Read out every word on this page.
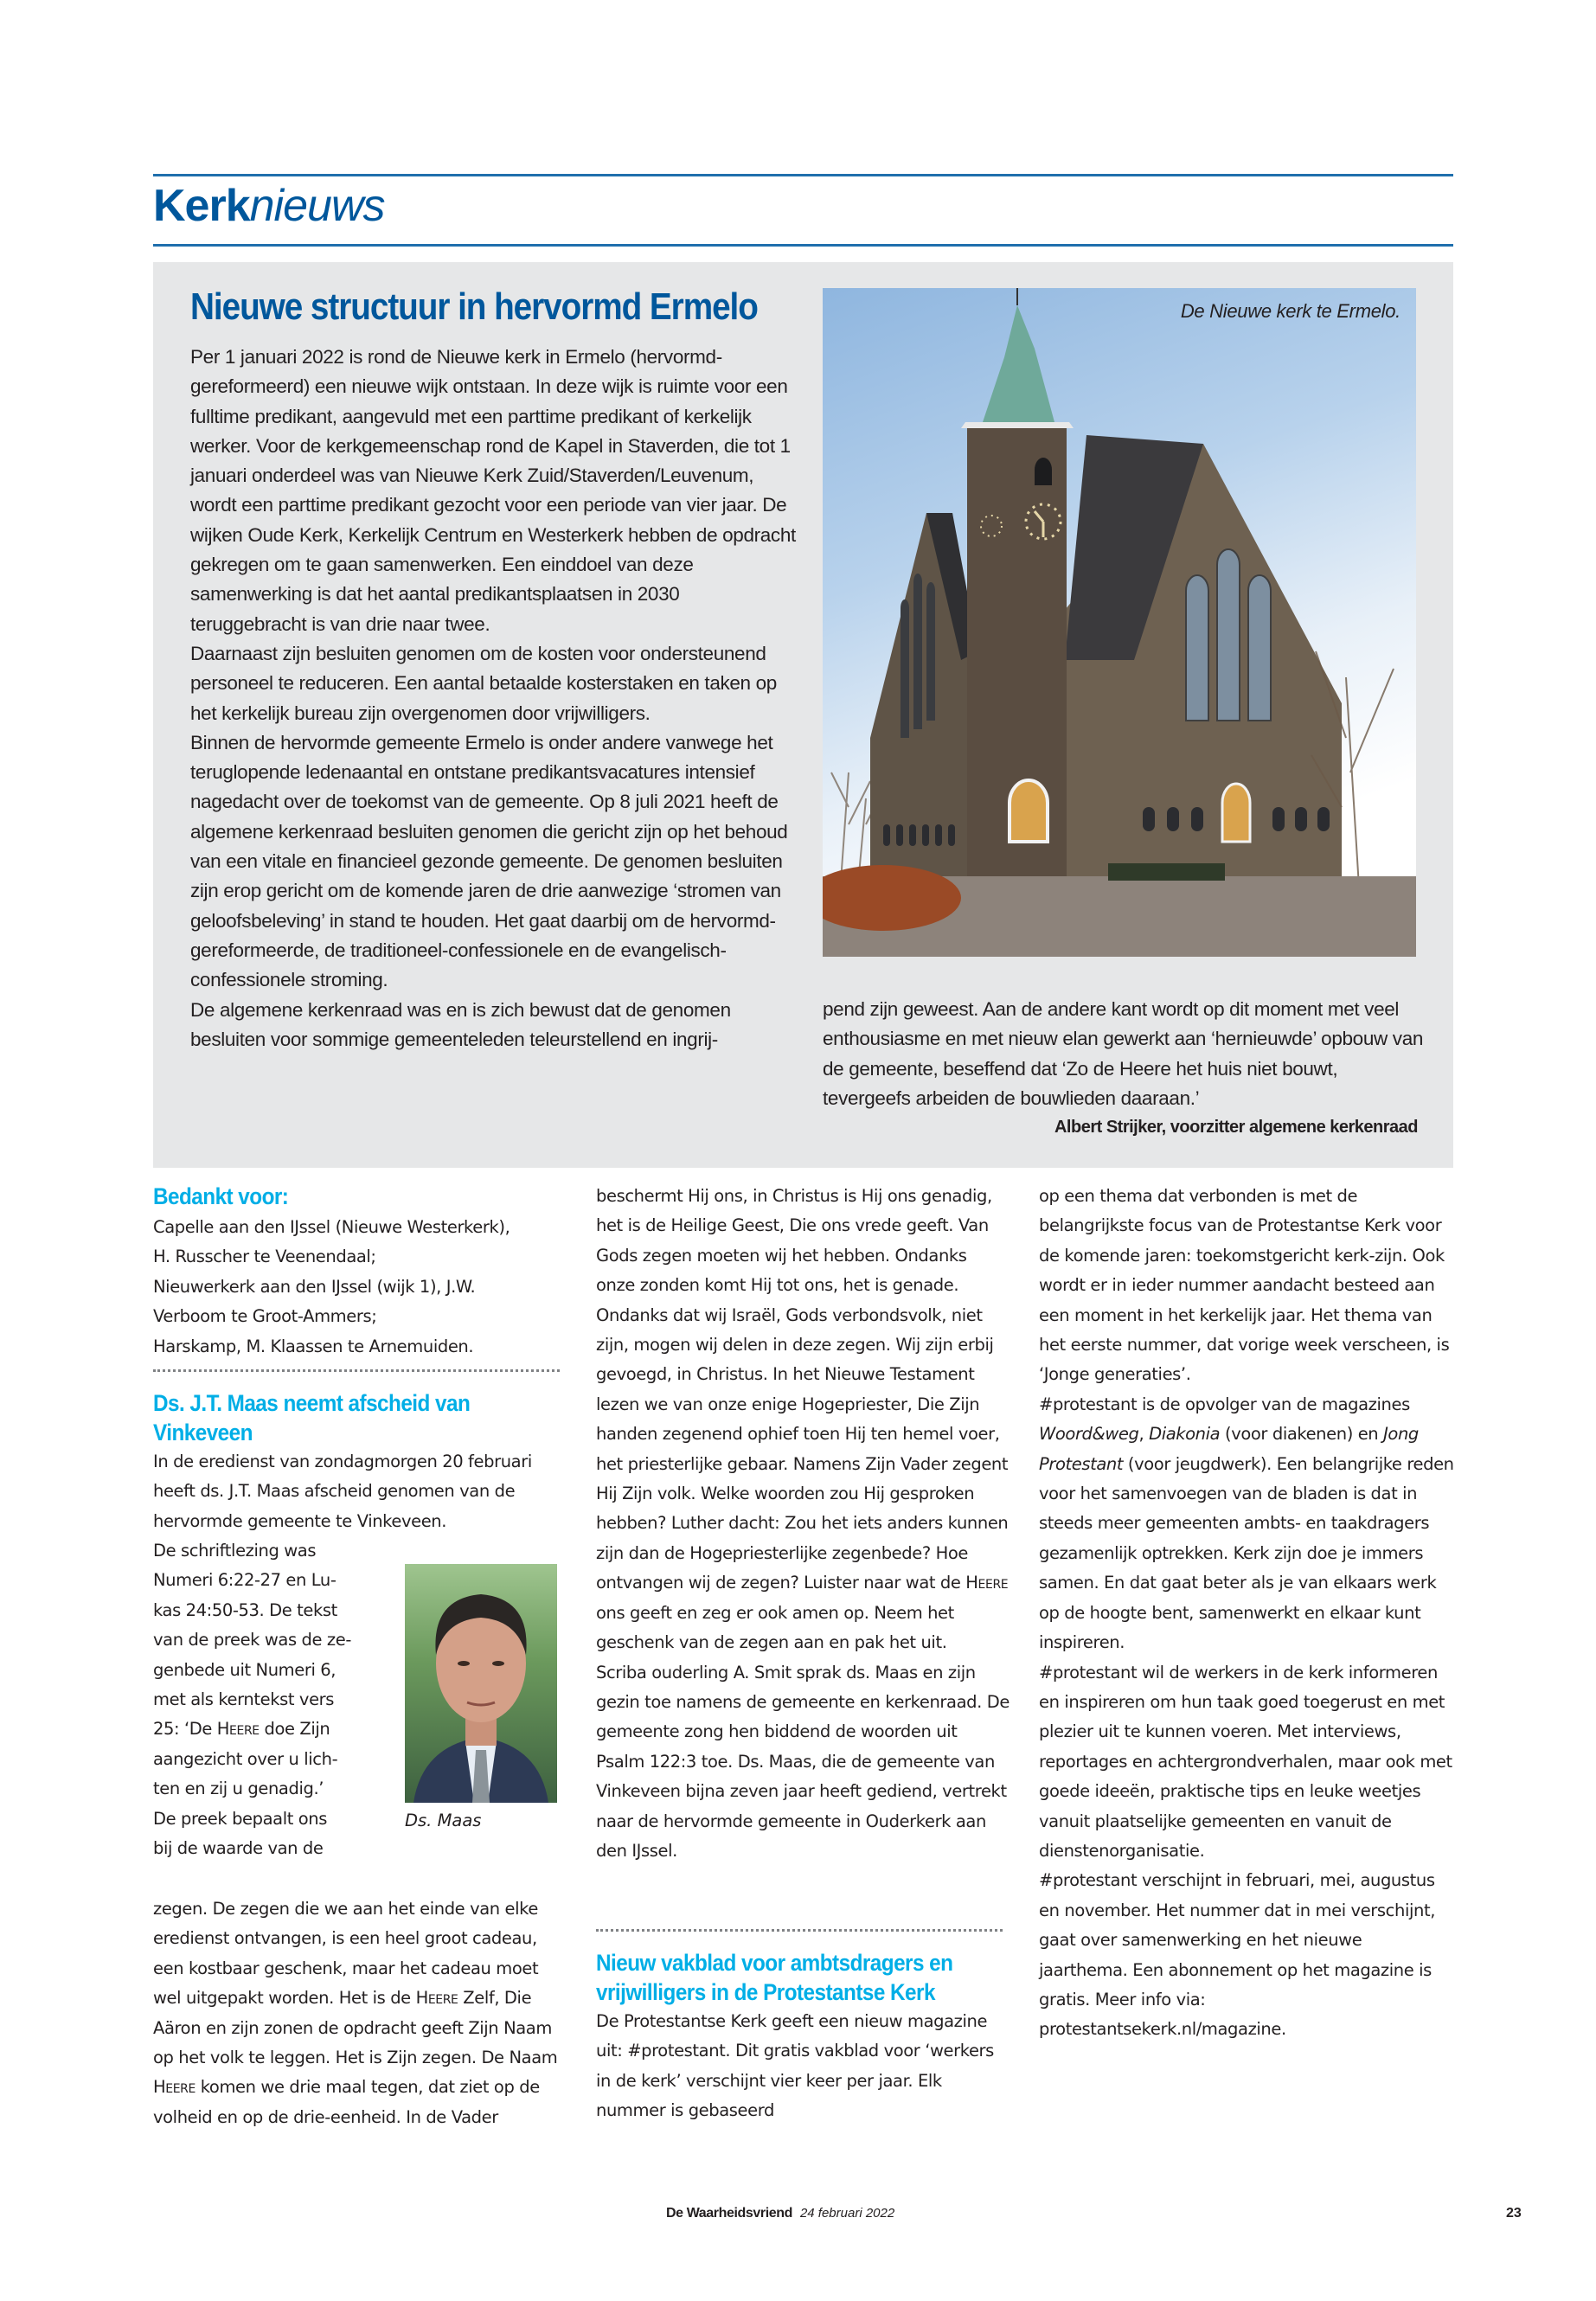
Kerknieuws
Nieuwe structuur in hervormd Ermelo
Per 1 januari 2022 is rond de Nieuwe kerk in Ermelo (hervormd-gereformeerd) een nieuwe wijk ontstaan. In deze wijk is ruimte voor een fulltime predikant, aangevuld met een parttime predikant of kerkelijk werker. Voor de kerkgemeenschap rond de Kapel in Staverden, die tot 1 januari onderdeel was van Nieuwe Kerk Zuid/Staverden/Leuvenum, wordt een parttime predikant gezocht voor een periode van vier jaar. De wijken Oude Kerk, Kerkelijk Centrum en Westerkerk hebben de opdracht gekregen om te gaan samenwerken. Een einddoel van deze samenwerking is dat het aantal predikantsplaatsen in 2030 teruggebracht is van drie naar twee.
Daarnaast zijn besluiten genomen om de kosten voor ondersteunend personeel te reduceren. Een aantal betaalde kosterstaken en taken op het kerkelijk bureau zijn overgenomen door vrijwilligers.
Binnen de hervormde gemeente Ermelo is onder andere vanwege het teruglopende ledenaantal en ontstane predikantsvacatures intensief nagedacht over de toekomst van de gemeente. Op 8 juli 2021 heeft de algemene kerkenraad besluiten genomen die gericht zijn op het behoud van een vitale en financieel gezonde gemeente. De genomen besluiten zijn erop gericht om de komende jaren de drie aanwezige ‘stromen van geloofsbeleving’ in stand te houden. Het gaat daarbij om de hervormd-gereformeerde, de traditioneel-confessionele en de evangelisch-confessionele stroming.
De algemene kerkenraad was en is zich bewust dat de genomen besluiten voor sommige gemeenteleden teleurstellend en ingrij-
De Nieuwe kerk te Ermelo.
pend zijn geweest. Aan de andere kant wordt op dit moment met veel enthousiasme en met nieuw elan gewerkt aan ‘hernieuwde’ opbouw van de gemeente, beseffend dat ‘Zo de Heere het huis niet bouwt, tevergeefs arbeiden de bouwlieden daaraan.’
Albert Strijker, voorzitter algemene kerkenraad
Bedankt voor:
Capelle aan den IJssel (Nieuwe Westerkerk),
H. Russcher te Veenendaal;
Nieuwerkerk aan den IJssel (wijk 1), J.W.
Verboom te Groot-Ammers;
Harskamp, M. Klaassen te Arnemuiden.
Ds. J.T. Maas neemt afscheid van
Vinkeveen
In de eredienst van zondagmorgen 20 februari heeft ds. J.T. Maas afscheid genomen van de hervormde gemeente te Vinkeveen.
De schriftlezing was
Numeri 6:22-27 en Lu-
kas 24:50-53. De tekst
van de preek was de ze-
genbede uit Numeri 6,
met als kerntekst vers
25: ‘De Heere doe Zijn
aangezicht over u lich-
ten en zij u genadig.’
De preek bepaalt ons
bij de waarde van de
Ds. Maas
zegen. De zegen die we aan het einde van elke eredienst ontvangen, is een heel groot cadeau, een kostbaar geschenk, maar het cadeau moet wel uitgepakt worden. Het is de Heere Zelf, Die Aäron en zijn zonen de opdracht geeft Zijn Naam op het volk te leggen. Het is Zijn zegen. De Naam Heere komen we drie maal tegen, dat ziet op de volheid en op de drie-eenheid. In de Vader
beschermt Hij ons, in Christus is Hij ons genadig, het is de Heilige Geest, Die ons vrede geeft. Van Gods zegen moeten wij het hebben. Ondanks onze zonden komt Hij tot ons, het is genade. Ondanks dat wij Israël, Gods verbondsvolk, niet zijn, mogen wij delen in deze zegen. Wij zijn erbij gevoegd, in Christus. In het Nieuwe Testament lezen we van onze enige Hogepriester, Die Zijn handen zegenend ophief toen Hij ten hemel voer, het priesterlijke gebaar. Namens Zijn Vader zegent Hij Zijn volk. Welke woorden zou Hij gesproken hebben? Luther dacht: Zou het iets anders kunnen zijn dan de Hogepriesterlijke zegenbede? Hoe ontvangen wij de zegen? Luister naar wat de Heere ons geeft en zeg er ook amen op. Neem het geschenk van de zegen aan en pak het uit.
Scriba ouderling A. Smit sprak ds. Maas en zijn gezin toe namens de gemeente en kerkenraad. De gemeente zong hen biddend de woorden uit Psalm 122:3 toe. Ds. Maas, die de gemeente van Vinkeveen bijna zeven jaar heeft gediend, vertrekt naar de hervormde gemeente in Ouderkerk aan den IJssel.
Nieuw vakblad voor ambtsdragers en
vrijwilligers in de Protestantse Kerk
De Protestantse Kerk geeft een nieuw magazine uit: #protestant. Dit gratis vakblad voor ‘werkers in de kerk’ verschijnt vier keer per jaar. Elk nummer is gebaseerd
op een thema dat verbonden is met de belangrijkste focus van de Protestantse Kerk voor de komende jaren: toekomstgericht kerk-zijn. Ook wordt er in ieder nummer aandacht besteed aan een moment in het kerkelijk jaar. Het thema van het eerste nummer, dat vorige week verscheen, is ‘Jonge generaties’.
#protestant is de opvolger van de magazines Woord&weg, Diakonia (voor diakenen) en Jong Protestant (voor jeugdwerk). Een belangrijke reden voor het samenvoegen van de bladen is dat in steeds meer gemeenten ambts- en taakdragers gezamenlijk optrekken. Kerk zijn doe je immers samen. En dat gaat beter als je van elkaars werk op de hoogte bent, samenwerkt en elkaar kunt inspireren.
#protestant wil de werkers in de kerk informeren en inspireren om hun taak goed toegerust en met plezier uit te kunnen voeren. Met interviews, reportages en achtergrondverhalen, maar ook met goede ideeën, praktische tips en leuke weetjes vanuit plaatselijke gemeenten en vanuit de dienstenorganisatie.
#protestant verschijnt in februari, mei, augustus en november. Het nummer dat in mei verschijnt, gaat over samenwerking en het nieuwe jaarthema. Een abonnement op het magazine is gratis. Meer info via: protestantsekerk.nl/magazine.
De Waarheidsvriend 24 februari 2022	23
